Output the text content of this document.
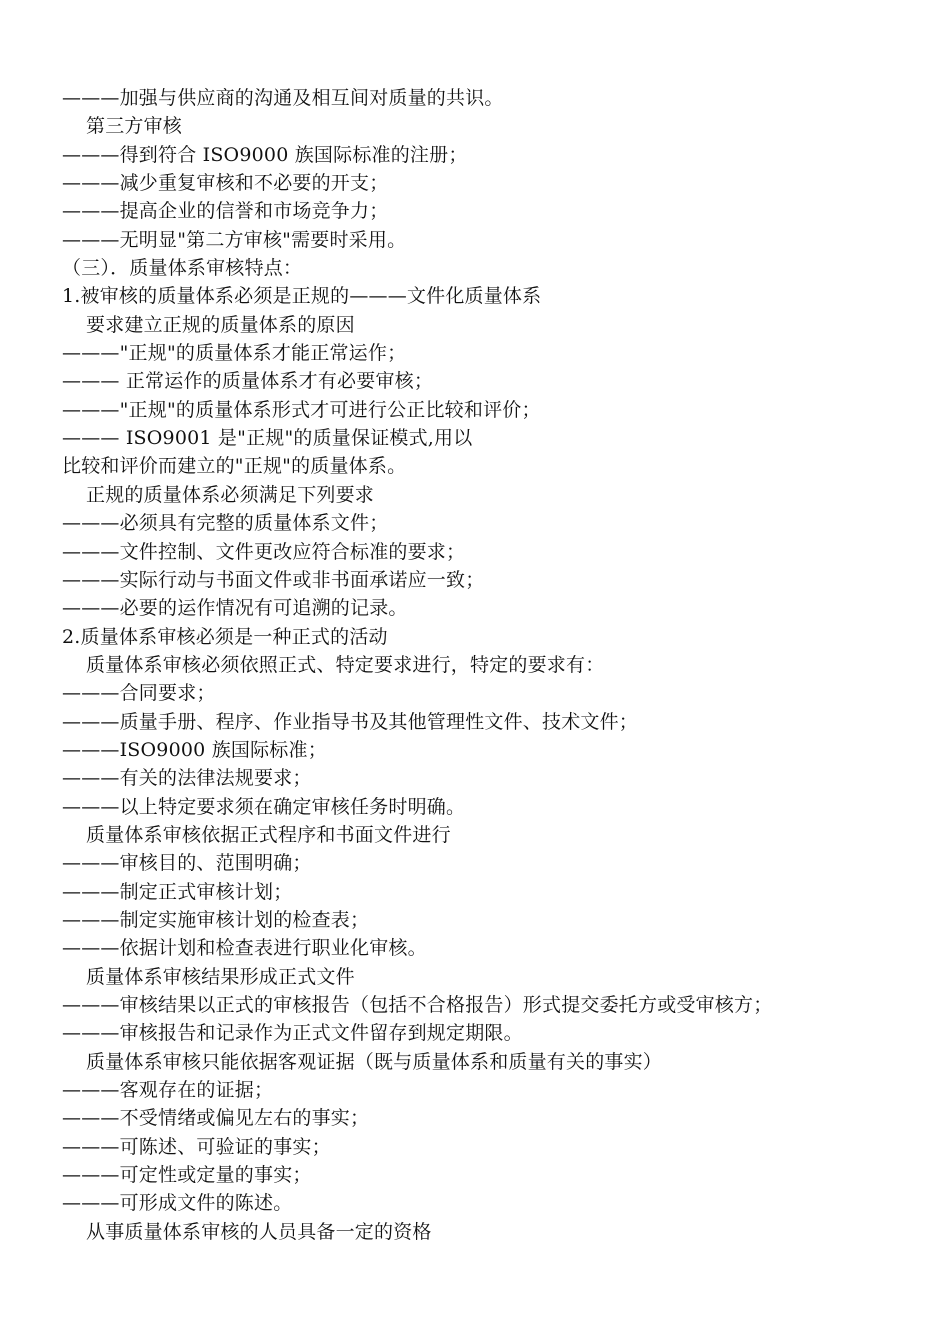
———加强与供应商的沟通及相互间对质量的共识。
第三方审核
———得到符合 ISO9000 族国际标准的注册；
———减少重复审核和不必要的开支；
———提高企业的信誉和市场竞争力；
———无明显"第二方审核"需要时采用。
（三）．质量体系审核特点：
1.被审核的质量体系必须是正规的———文件化质量体系
要求建立正规的质量体系的原因
———"正规"的质量体系才能正常运作；
——— 正常运作的质量体系才有必要审核；
———"正规"的质量体系形式才可进行公正比较和评价；
——— ISO9001 是"正规"的质量保证模式,用以
比较和评价而建立的"正规"的质量体系。
正规的质量体系必须满足下列要求
———必须具有完整的质量体系文件；
———文件控制、文件更改应符合标准的要求；
———实际行动与书面文件或非书面承诺应一致；
———必要的运作情况有可追溯的记录。
2.质量体系审核必须是一种正式的活动
质量体系审核必须依照正式、特定要求进行，特定的要求有：
———合同要求；
———质量手册、程序、作业指导书及其他管理性文件、技术文件；
———ISO9000 族国际标准；
———有关的法律法规要求；
———以上特定要求须在确定审核任务时明确。
质量体系审核依据正式程序和书面文件进行
———审核目的、范围明确；
———制定正式审核计划；
———制定实施审核计划的检查表；
———依据计划和检查表进行职业化审核。
质量体系审核结果形成正式文件
———审核结果以正式的审核报告（包括不合格报告）形式提交委托方或受审核方；
———审核报告和记录作为正式文件留存到规定期限。
质量体系审核只能依据客观证据（既与质量体系和质量有关的事实）
———客观存在的证据；
———不受情绪或偏见左右的事实；
———可陈述、可验证的事实；
———可定性或定量的事实；
———可形成文件的陈述。
从事质量体系审核的人员具备一定的资格
